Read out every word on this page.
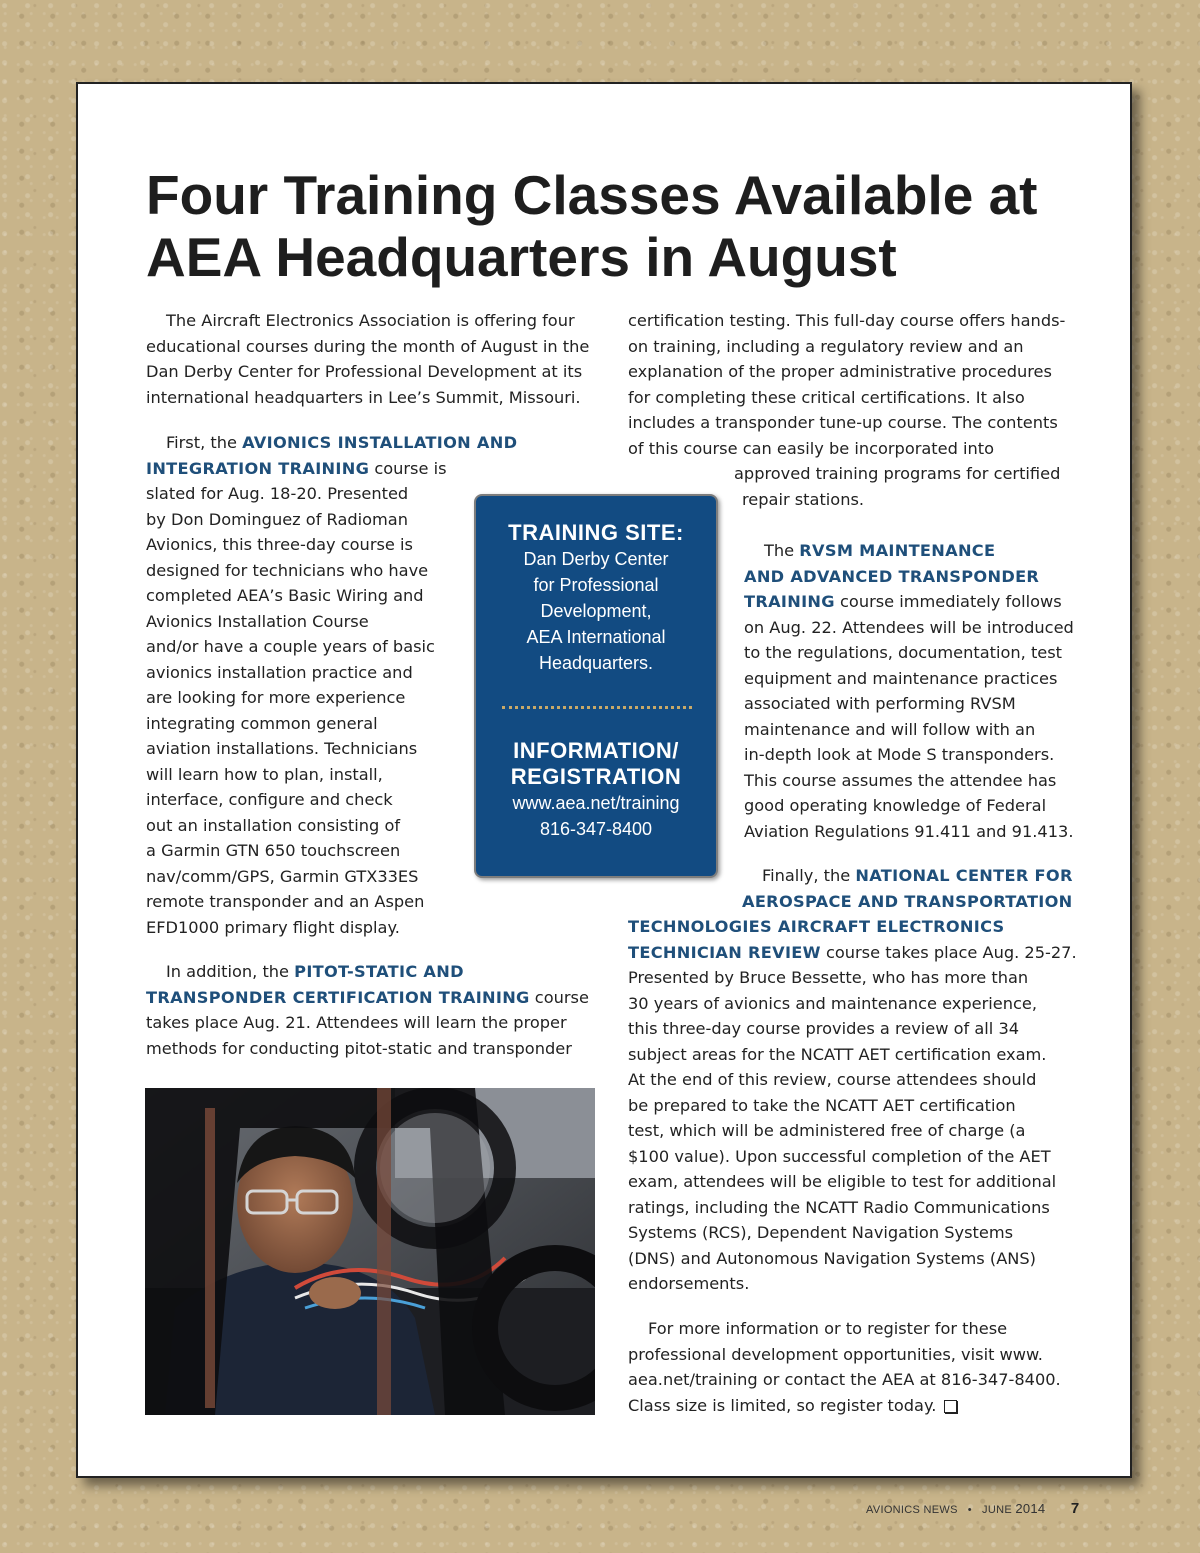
Four Training Classes Available at
AEA Headquarters in August

The Aircraft Electronics Association is offering four
educational courses during the month of August in the
Dan Derby Center for Professional Development at its
international headquarters in Lee’s Summit, Missouri.

First, the AVIONICS INSTALLATION AND
INTEGRATION TRAINING course is
slated for Aug. 18-20. Presented
by Don Dominguez of Radioman
Avionics, this three-day course is
designed for technicians who have
completed AEA’s Basic Wiring and
Avionics Installation Course
and/or have a couple years of basic
avionics installation practice and
are looking for more experience
integrating common general
aviation installations. Technicians
will learn how to plan, install,
interface, configure and check
out an installation consisting of
a Garmin GTN 650 touchscreen
nav/comm/GPS, Garmin GTX33ES
remote transponder and an Aspen
EFD1000 primary flight display.

In addition, the PITOT-STATIC AND
TRANSPONDER CERTIFICATION TRAINING course
takes place Aug. 21. Attendees will learn the proper
methods for conducting pitot-static and transponder

TRAINING SITE:
Dan Derby Center
for Professional
Development,
AEA International
Headquarters.
INFORMATION/
REGISTRATION
www.aea.net/training
816-347-8400

certification testing. This full-day course offers hands-
on training, including a regulatory review and an
explanation of the proper administrative procedures
for completing these critical certifications. It also
includes a transponder tune-up course. The contents
of this course can easily be incorporated into

approved training programs for certified
repair stations.

The RVSM MAINTENANCE
AND ADVANCED TRANSPONDER
TRAINING course immediately follows
on Aug. 22. Attendees will be introduced
to the regulations, documentation, test
equipment and maintenance practices
associated with performing RVSM
maintenance and will follow with an
in-depth look at Mode S transponders.
This course assumes the attendee has
good operating knowledge of Federal
Aviation Regulations 91.411 and 91.413.

Finally, the NATIONAL CENTER FOR
AEROSPACE AND TRANSPORTATION

TECHNOLOGIES AIRCRAFT ELECTRONICS
TECHNICIAN REVIEW course takes place Aug. 25-27.
Presented by Bruce Bessette, who has more than
30 years of avionics and maintenance experience,
this three-day course provides a review of all 34
subject areas for the NCATT AET certification exam.
At the end of this review, course attendees should
be prepared to take the NCATT AET certification
test, which will be administered free of charge (a
$100 value). Upon successful completion of the AET
exam, attendees will be eligible to test for additional
ratings, including the NCATT Radio Communications
Systems (RCS), Dependent Navigation Systems
(DNS) and Autonomous Navigation Systems (ANS)
endorsements.

For more information or to register for these
professional development opportunities, visit www.
aea.net/training or contact the AEA at 816-347-8400.
Class size is limited, so register today.

AVIONICS NEWS • JUNE 2014 7
